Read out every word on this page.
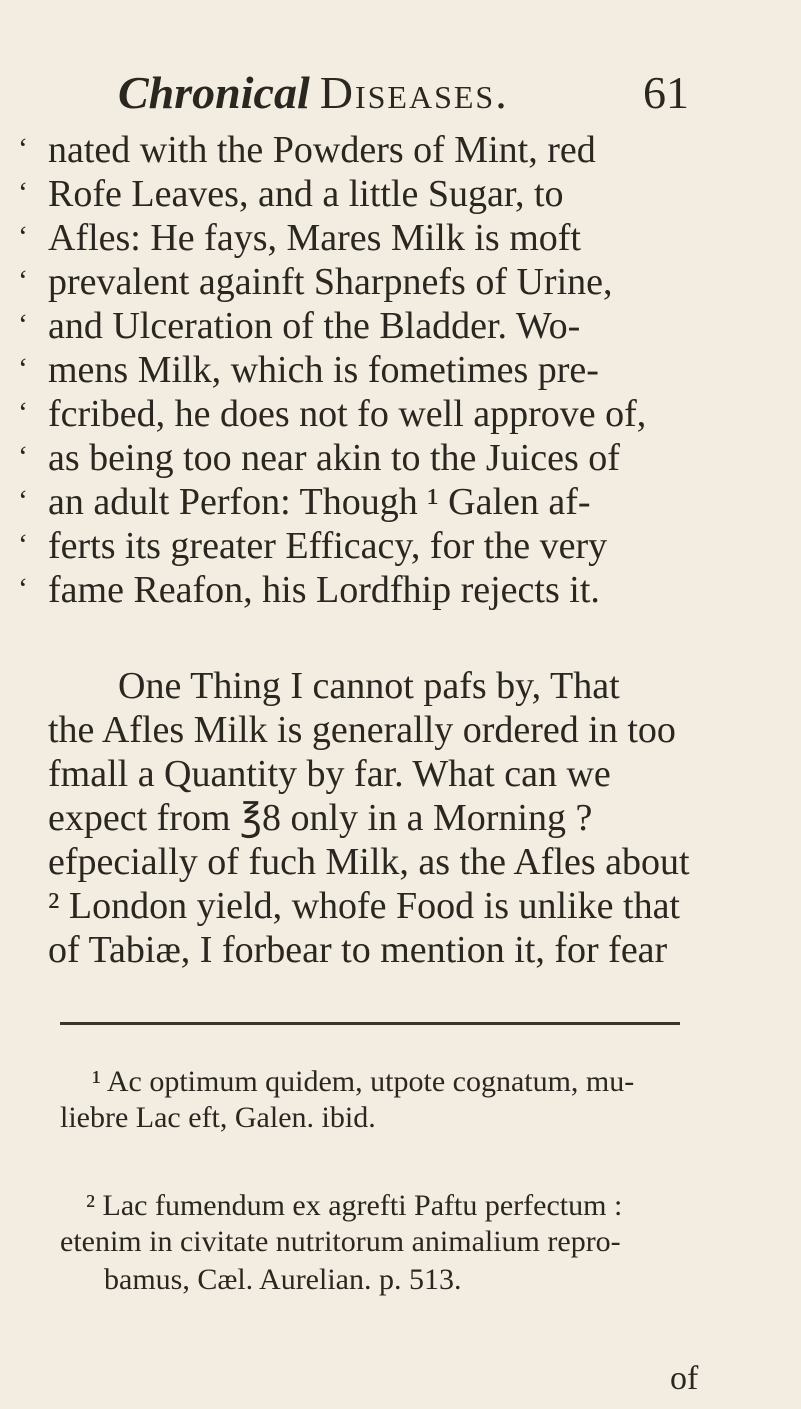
Chronical Diseases.	61
‘
‘
‘
‘
‘
‘
‘
‘
‘
‘
‘
nated with the Powders of Mint, red
Rofe Leaves, and a little Sugar, to
Afles: He fays, Mares Milk is moft
prevalent againft Sharpnefs of Urine,
and Ulceration of the Bladder. Wo-
mens Milk, which is fometimes pre-
fcribed, he does not fo well approve of,
as being too near akin to the Juices of
an adult Perfon: Though ¹ Galen af-
ferts its greater Efficacy, for the very
fame Reafon, his Lordfhip rejects it.
One Thing I cannot pafs by, That
the Afles Milk is generally ordered in too
fmall a Quantity by far. What can we
expect from ℥8 only in a Morning ?
efpecially of fuch Milk, as the Afles about
² London yield, whofe Food is unlike that
of Tabiæ, I forbear to mention it, for fear
¹ Ac optimum quidem, utpote cognatum, mu-
liebre Lac eft, Galen. ibid.
² Lac fumendum ex agrefti Paftu perfectum :
etenim in civitate nutritorum animalium repro-
bamus, Cæl. Aurelian. p. 513.
of
